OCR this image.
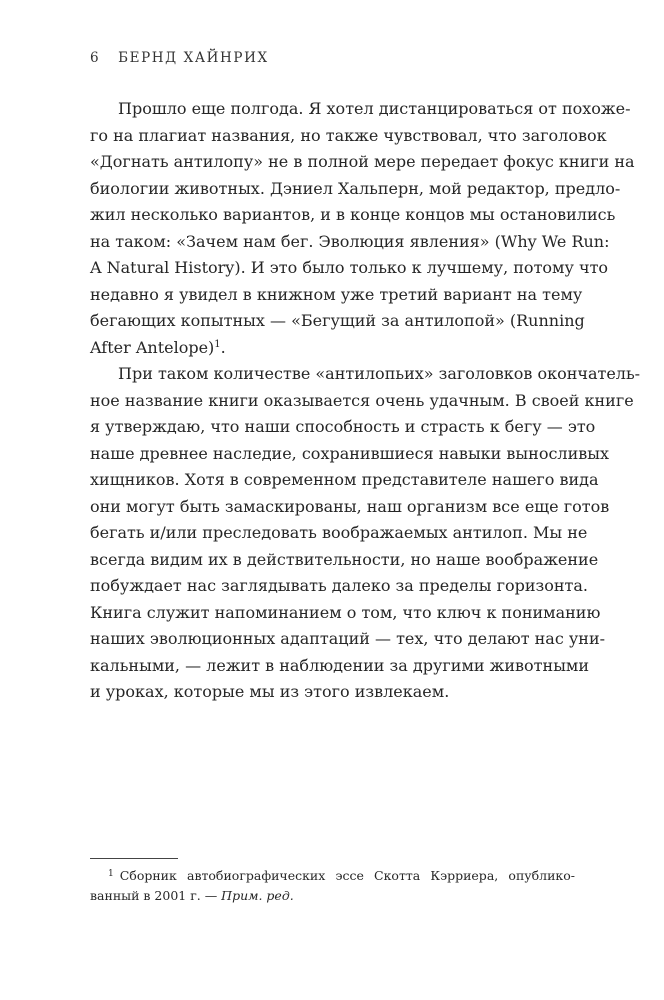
6 БЕРНД ХАЙНРИХ
Прошло еще полгода. Я хотел дистанцироваться от похоже-
го на плагиат названия, но также чувствовал, что заголовок
«Догнать антилопу» не в полной мере передает фокус книги на
биологии животных. Дэниел Хальперн, мой редактор, предло-
жил несколько вариантов, и в конце концов мы остановились
на таком: «Зачем нам бег. Эволюция явления» (Why We Run:
A Natural History). И это было только к лучшему, потому что
недавно я увидел в книжном уже третий вариант на тему
бегающих копытных — «Бегущий за антилопой» (Running
After Antelope)$^1$.
При таком количестве «антилопьих» заголовков окончатель-
ное название книги оказывается очень удачным. В своей книге
я утверждаю, что наши способность и страсть к бегу — это
наше древнее наследие, сохранившиеся навыки выносливых
хищников. Хотя в современном представителе нашего вида
они могут быть замаскированы, наш организм все еще готов
бегать и/или преследовать воображаемых антилоп. Мы не
всегда видим их в действительности, но наше воображение
побуждает нас заглядывать далеко за пределы горизонта.
Книга служит напоминанием о том, что ключ к пониманию
наших эволюционных адаптаций — тех, что делают нас уни-
кальными, — лежит в наблюдении за другими животными
и уроках, которые мы из этого извлекаем.
$^1$ Сборник автобиографических эссе Скотта Кэрриера, опублико-
ванный в 2001 г. — Прим. ред.
